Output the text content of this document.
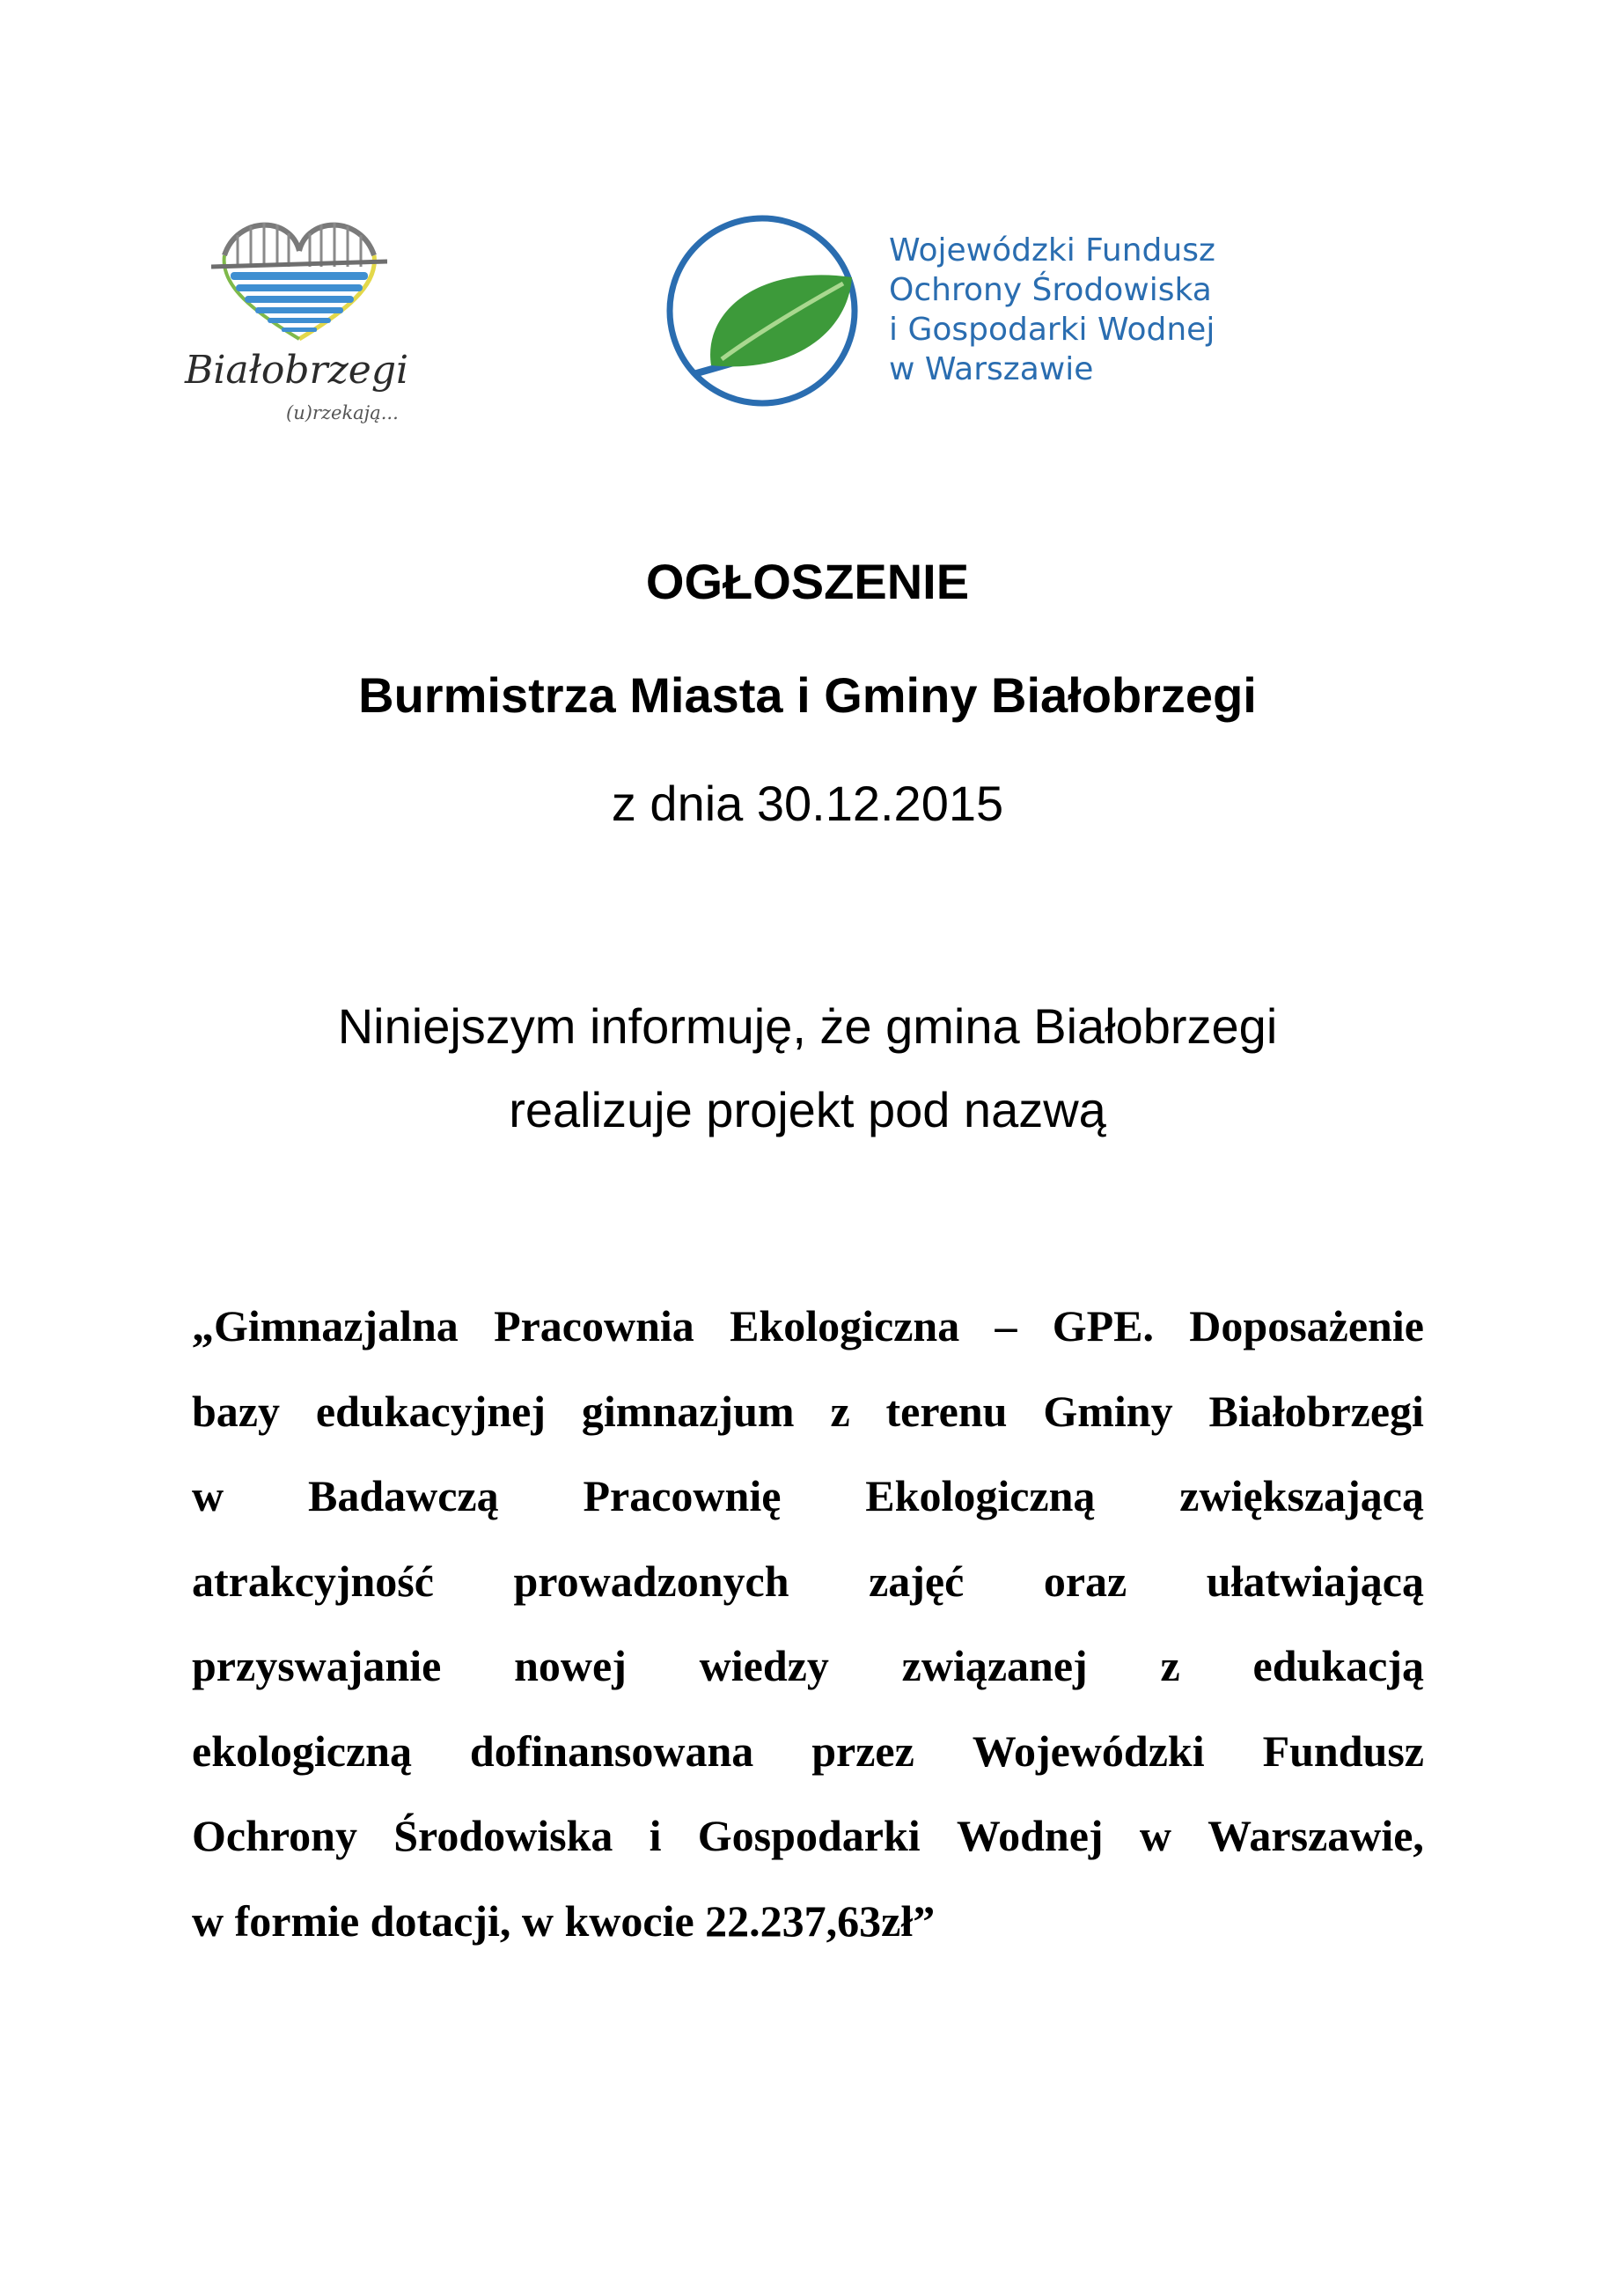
Białobrzegi
(u)rzekają...
Wojewódzki Fundusz
Ochrony Środowiska
i Gospodarki Wodnej
w Warszawie
OGŁOSZENIE
Burmistrza Miasta i Gminy Białobrzegi
z dnia 30.12.2015
Niniejszym informuję, że gmina Białobrzegi
realizuje projekt pod nazwą
„Gimnazjalna Pracownia Ekologiczna – GPE. Doposażenie
bazy edukacyjnej gimnazjum z terenu Gminy Białobrzegi
w Badawczą Pracownię Ekologiczną zwiększającą
atrakcyjność prowadzonych zajęć oraz ułatwiającą
przyswajanie nowej wiedzy związanej z edukacją
ekologiczną dofinansowana przez Wojewódzki Fundusz
Ochrony Środowiska i Gospodarki Wodnej w Warszawie,
w formie dotacji, w kwocie 22.237,63zł”
